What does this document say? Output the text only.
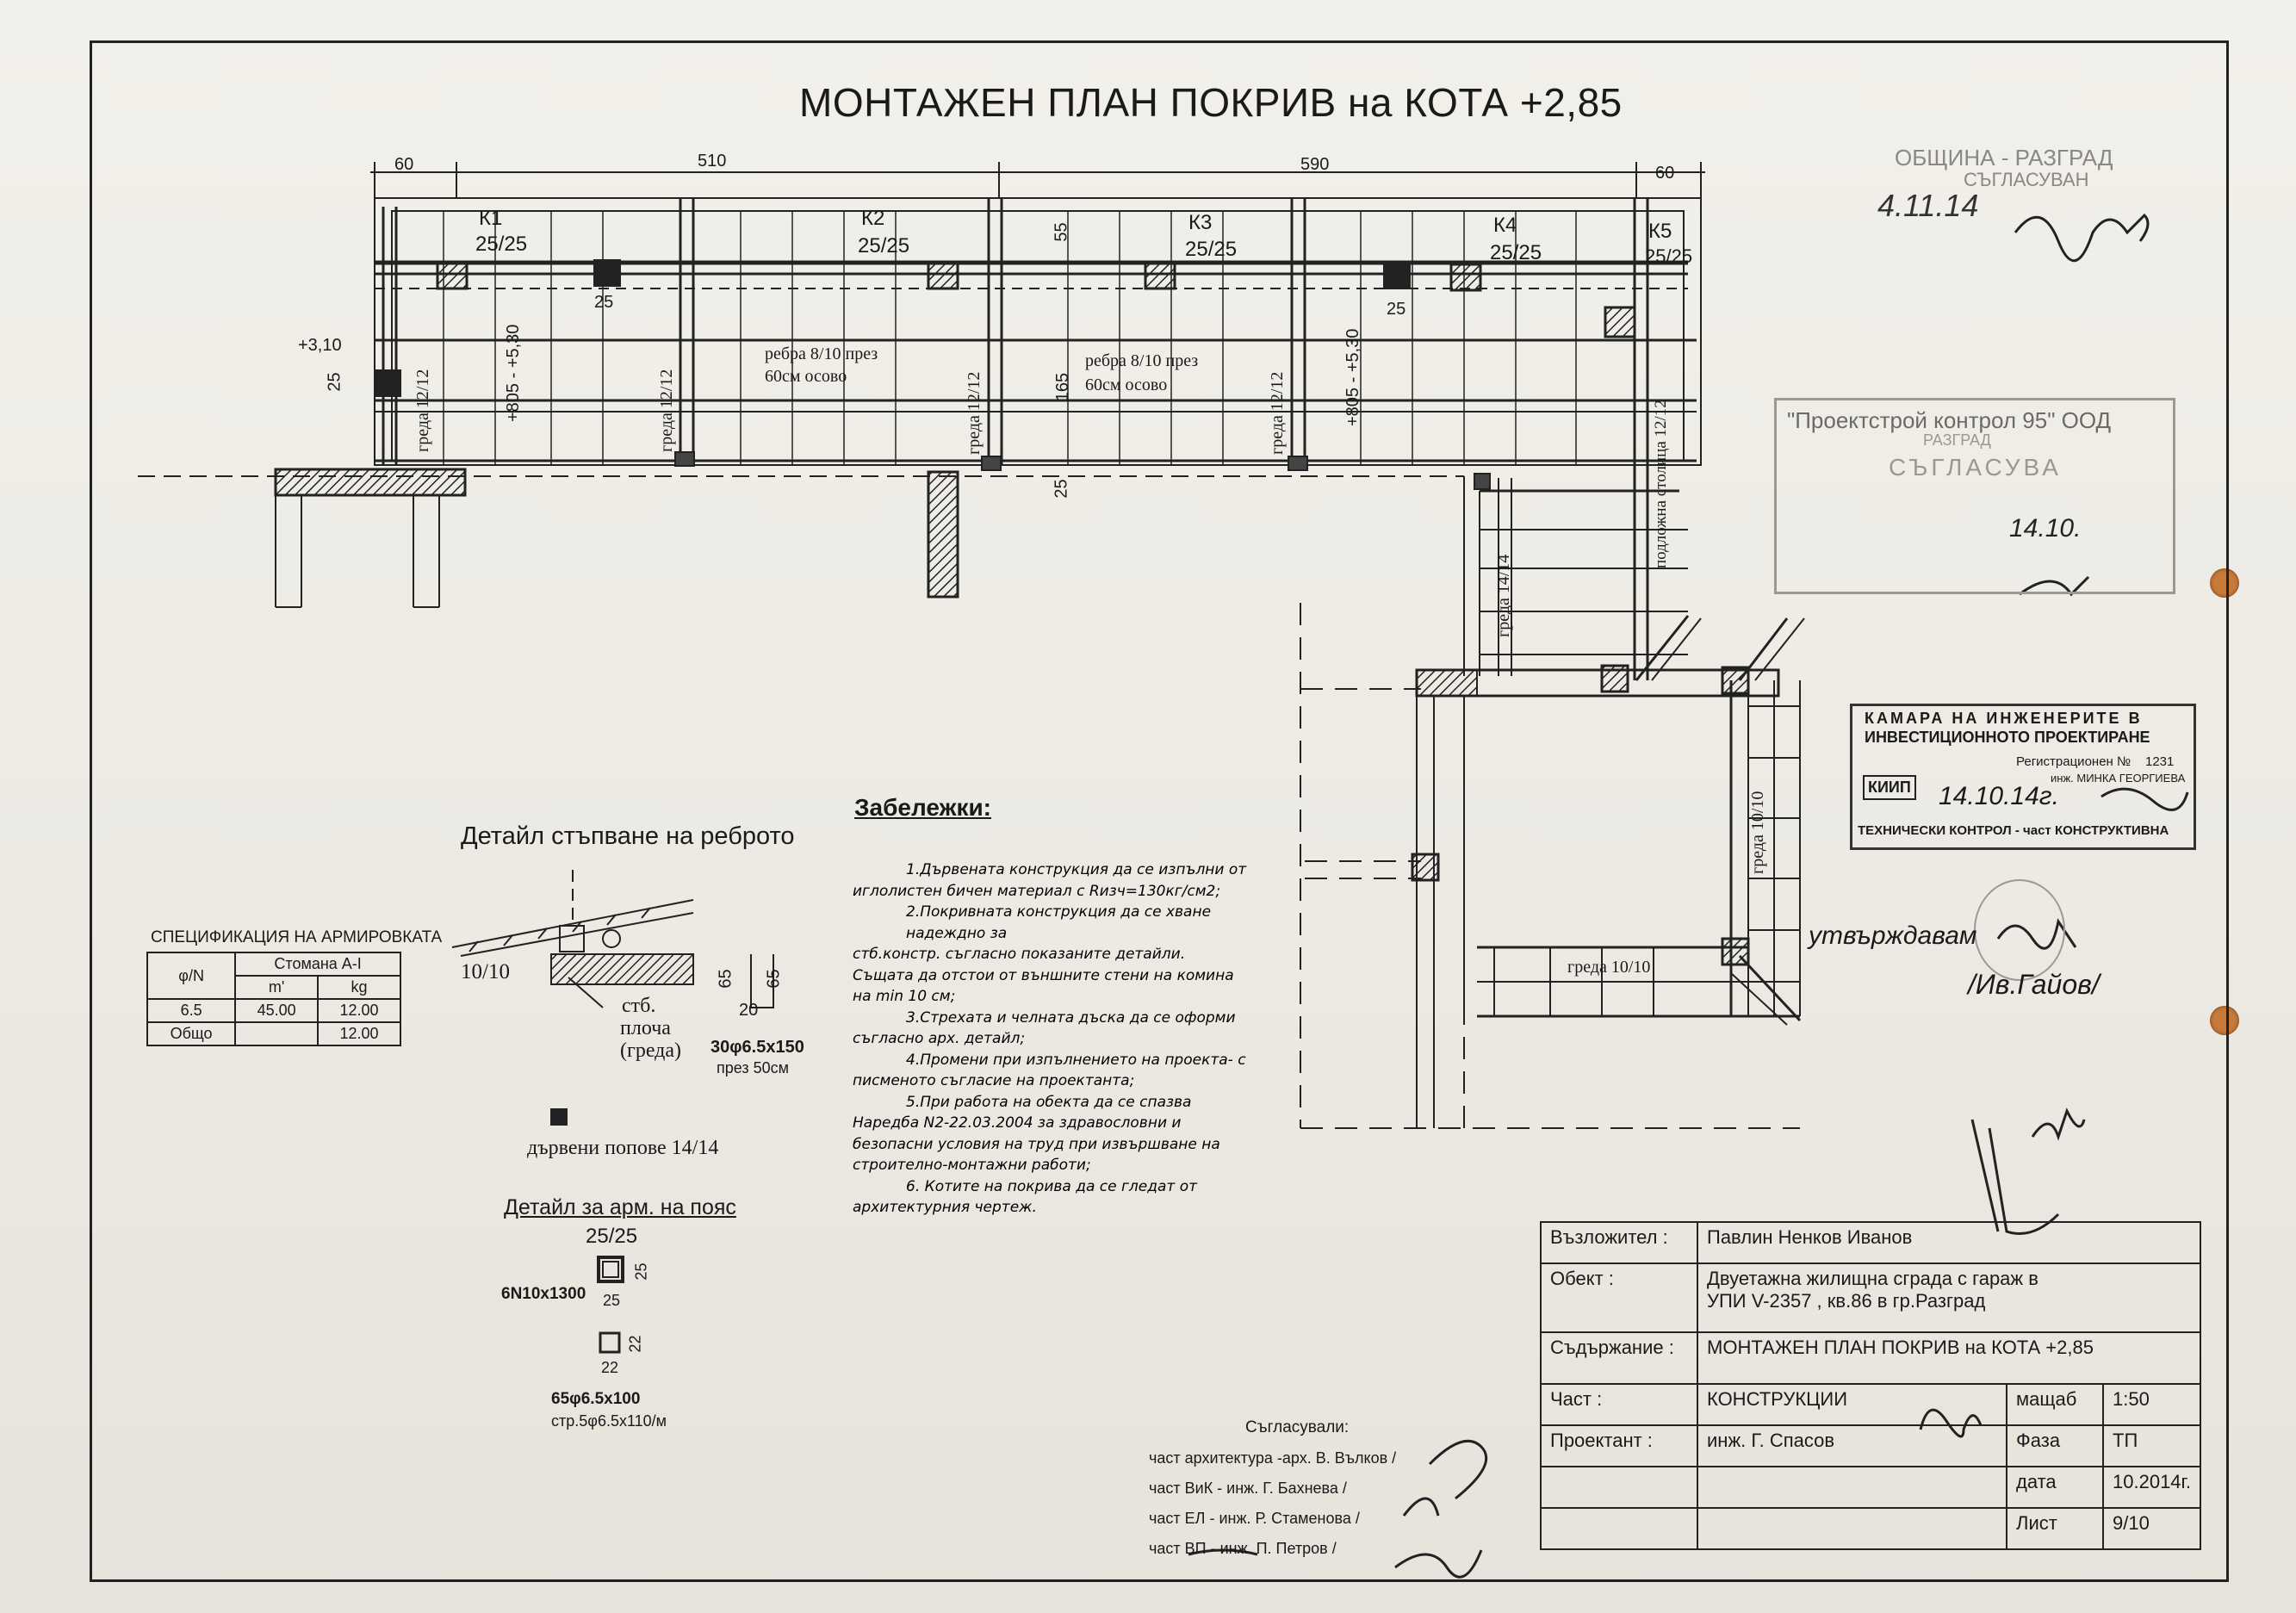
МОНТАЖЕН ПЛАН ПОКРИВ на КОТА +2,85
60	510	590	60
55
165
25	25
25
25
К1
25/25
К2
25/25
К3
25/25
К4
25/25
К5
25/25
+3,10	+805 - +5,30	+805 - +5,30
греда 12/12	греда 12/12	греда 12/12	греда 12/12	подложна столица 12/12
греда 14/14
греда 10/10
греда 10/10
ребра 8/10 през
60см осово
ребра 8/10 през
60см осово
СПЕЦИФИКАЦИЯ НА АРМИРОВКАТА
φ/N	Стомана А-I	
	m'	kg
6.5	45.00	12.00
Общо		12.00
Детайл стъпване на реброто
10/10
стб.
плоча
(греда)
65 65
20
30φ6.5x150
през 50см
дървени попове 14/14
Детайл за арм. на пояс
25/25
6N10x1300
25
25
22
22
65φ6.5x100
стр.5φ6.5x110/м
Забележки:
1.Дървената конструкция да се изпълни от
иглолистен бичен материал с Rизч=130кг/см2;
2.Покривната конструкция да се хване надеждно за
стб.констр. съгласно показаните детайли.
Същата да отстои от външните стени на комина
на min 10 см;
3.Стрехата и челната дъска да се оформи
съгласно арх. детайл;
4.Промени при изпълнението на проекта- с
писменото съгласие на проектанта;
5.При работа на обекта да се спазва
Наредба N2-22.03.2004 за здравословни и
безопасни условия на труд при извършване на
строително-монтажни работи;
6. Котите на покрива да се гледат от
архитектурния чертеж.
Съгласували:
част архитектура -арх. В. Вълков /
част ВиК - инж. Г. Бахнева /
част ЕЛ - инж. Р. Стаменова /
част ВП - инж. П. Петров /
Възложител :	Павлин Ненков Иванов		
Обект :	Двуетажна жилищна сграда с гараж в
УПИ V-2357 , кв.86 в гр.Разград		

Съдържание :	МОНТАЖЕН ПЛАН ПОКРИВ на КОТА +2,85		
Част :	КОНСТРУКЦИИ	мащаб	1:50
Проектант :	инж. Г. Спасов	Фаза	ТП
		дата	10.2014г.
		Лист	9/10
ОБЩИНА - РАЗГРАД
СЪГЛАСУВАН
4.11.14
"Проектстрой контрол 95" ООД
РАЗГРАД
СЪГЛАСУВА
14.10.
КАМАРА НА ИНЖЕНЕРИТЕ В
ИНВЕСТИЦИОННОТО ПРОЕКТИРАНЕ
КИИП
Регистрационен № 1231
инж. МИНКА ГЕОРГИЕВА
14.10.14г.
ТЕХНИЧЕСКИ КОНТРОЛ - част КОНСТРУКТИВНА
утвърждавам
/Ив.Гайов/
